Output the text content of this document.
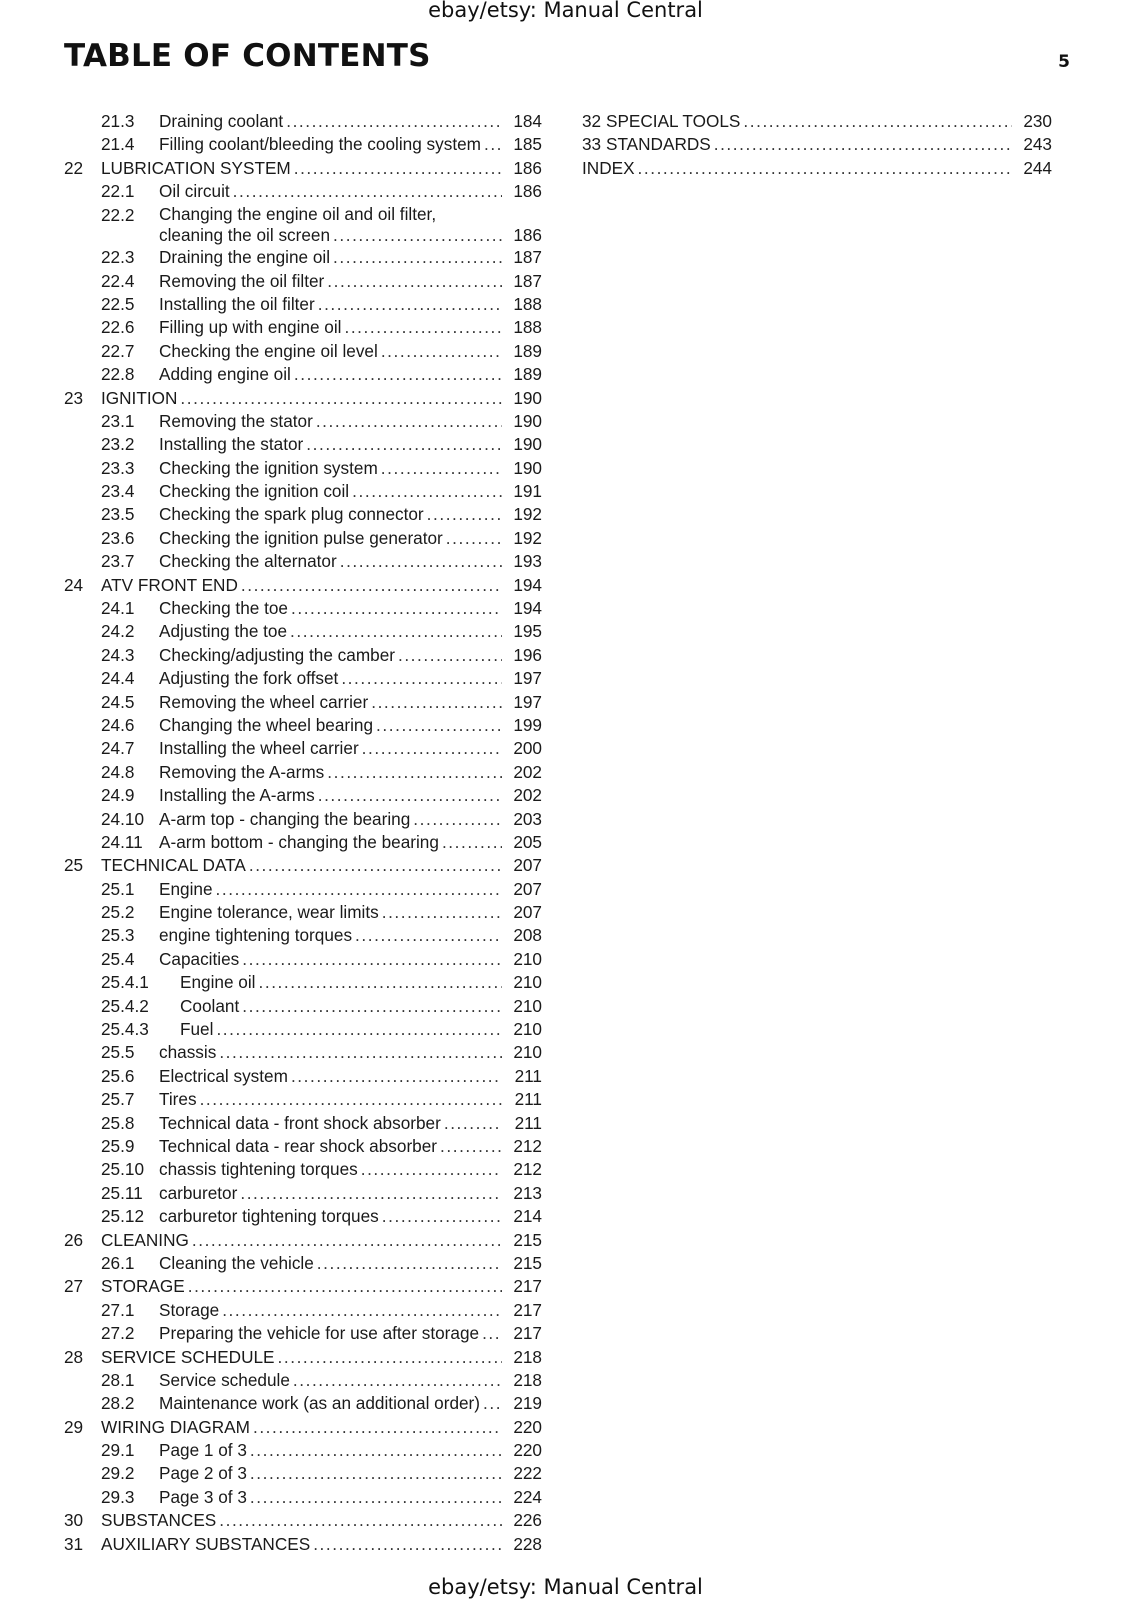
ebay/etsy: Manual Central
TABLE OF CONTENTS	5
21.3 Draining coolant . . .	184
21.4 Filling coolant/bleeding the cooling system . . .	185
22 LUBRICATION SYSTEM . . .	186
22.1 Oil circuit . . .	186
22.2 Changing the engine oil and oil filter,
cleaning the oil screen . . .	186
22.3 Draining the engine oil . . .	187
22.4 Removing the oil filter . . .	187
22.5 Installing the oil filter . . .	188
22.6 Filling up with engine oil . . .	188
22.7 Checking the engine oil level . . .	189
22.8 Adding engine oil . . .	189
23 IGNITION . . .	190
23.1 Removing the stator . . .	190
23.2 Installing the stator . . .	190
23.3 Checking the ignition system . . .	190
23.4 Checking the ignition coil . . .	191
23.5 Checking the spark plug connector . . .	192
23.6 Checking the ignition pulse generator . . .	192
23.7 Checking the alternator . . .	193
24 ATV FRONT END . . .	194
24.1 Checking the toe . . .	194
24.2 Adjusting the toe . . .	195
24.3 Checking/adjusting the camber . . .	196
24.4 Adjusting the fork offset . . .	197
24.5 Removing the wheel carrier . . .	197
24.6 Changing the wheel bearing . . .	199
24.7 Installing the wheel carrier . . .	200
24.8 Removing the A-arms . . .	202
24.9 Installing the A-arms . . .	202
24.10 A-arm top - changing the bearing . . .	203
24.11 A-arm bottom - changing the bearing . . .	205
25 TECHNICAL DATA . . .	207
25.1 Engine . . .	207
25.2 Engine tolerance, wear limits . . .	207
25.3 engine tightening torques . . .	208
25.4 Capacities . . .	210
25.4.1 Engine oil . . .	210
25.4.2 Coolant . . .	210
25.4.3 Fuel . . .	210
25.5 chassis . . .	210
25.6 Electrical system . . .	211
25.7 Tires . . .	211
25.8 Technical data - front shock absorber . . .	211
25.9 Technical data - rear shock absorber . . .	212
25.10 chassis tightening torques . . .	212
25.11 carburetor . . .	213
25.12 carburetor tightening torques . . .	214
26 CLEANING . . .	215
26.1 Cleaning the vehicle . . .	215
27 STORAGE . . .	217
27.1 Storage . . .	217
27.2 Preparing the vehicle for use after storage . . .	217
28 SERVICE SCHEDULE . . .	218
28.1 Service schedule . . .	218
28.2 Maintenance work (as an additional order) . . .	219
29 WIRING DIAGRAM . . .	220
29.1 Page 1 of 3 . . .	220
29.2 Page 2 of 3 . . .	222
29.3 Page 3 of 3 . . .	224
30 SUBSTANCES . . .	226
31 AUXILIARY SUBSTANCES . . .	228
32 SPECIAL TOOLS . . .	230
33 STANDARDS . . .	243
INDEX . . .	244
ebay/etsy: Manual Central
